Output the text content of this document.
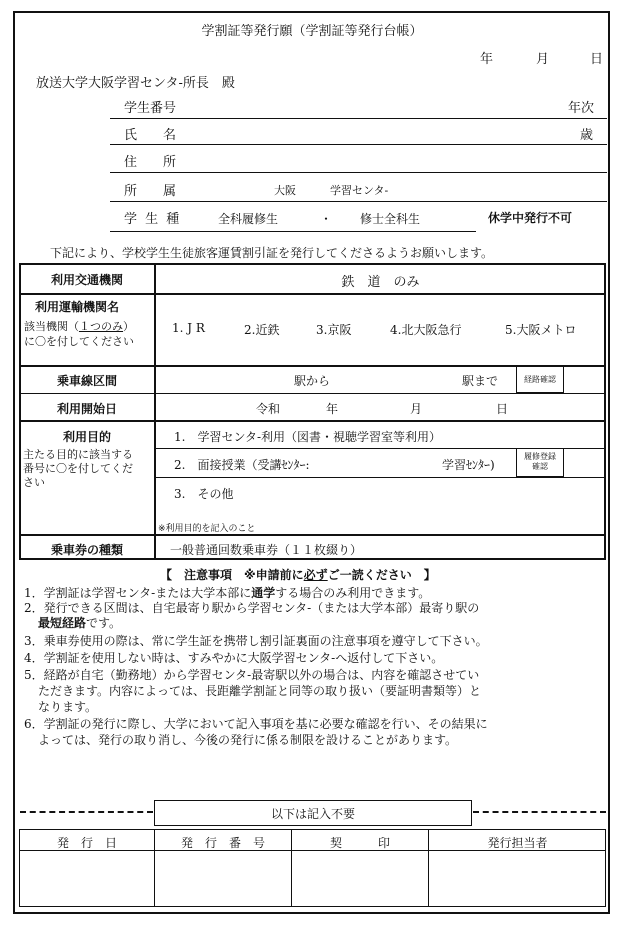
学割証等発行願（学割証等発行台帳）
年	月	日
放送大学大阪学習センタ-所長　殿
学生番号	年次
氏　　名	歳
住　　所
所　　属	大阪	学習センタ-
学 生 種	全科履修生	・ 修士全科生	休学中発行不可
下記により、学校学生生徒旅客運賃割引証を発行してくださるようお願いします。
利用交通機関	鉄　道　のみ
利用運輸機関名
該当機関（１つのみ）
に〇を付してください
1. J R	2.近鉄	3.京阪	4.北大阪急行	5.大阪メトロ
乗車線区間	駅から	駅まで	経路確認
利用開始日	令和	年	月	日
利用目的
主たる目的に該当する
番号に〇を付してくだ
さい
1.　学習センタ-利用（図書・視聴学習室等利用）
2.　面接授業（受講ｾﾝﾀｰ:	学習ｾﾝﾀｰ)
履修登録
確認
3.　その他
※利用目的を記入のこと
乗車券の種類	一般普通回数乗車券（１１枚綴り）
【　注意事項　※申請前に必ずご一読ください　】
1．学割証は学習センタ-または大学本部に通学する場合のみ利用できます。
2．発行できる区間は、自宅最寄り駅から学習センタ-（または大学本部）最寄り駅の
最短経路です。
3．乗車券使用の際は、常に学生証を携帯し割引証裏面の注意事項を遵守して下さい。
4．学割証を使用しない時は、すみやかに大阪学習センタ-へ返付して下さい。
5．経路が自宅（勤務地）から学習センタ-最寄駅以外の場合は、内容を確認させてい
ただきます。内容によっては、長距離学割証と同等の取り扱い（要証明書類等）と
なります。
6．学割証の発行に際し、大学において記入事項を基に必要な確認を行い、その結果に
よっては、発行の取り消し、今後の発行に係る制限を設けることがあります。
以下は記入不要
発　行　日	発　行　番　号	契　　　印	発行担当者
